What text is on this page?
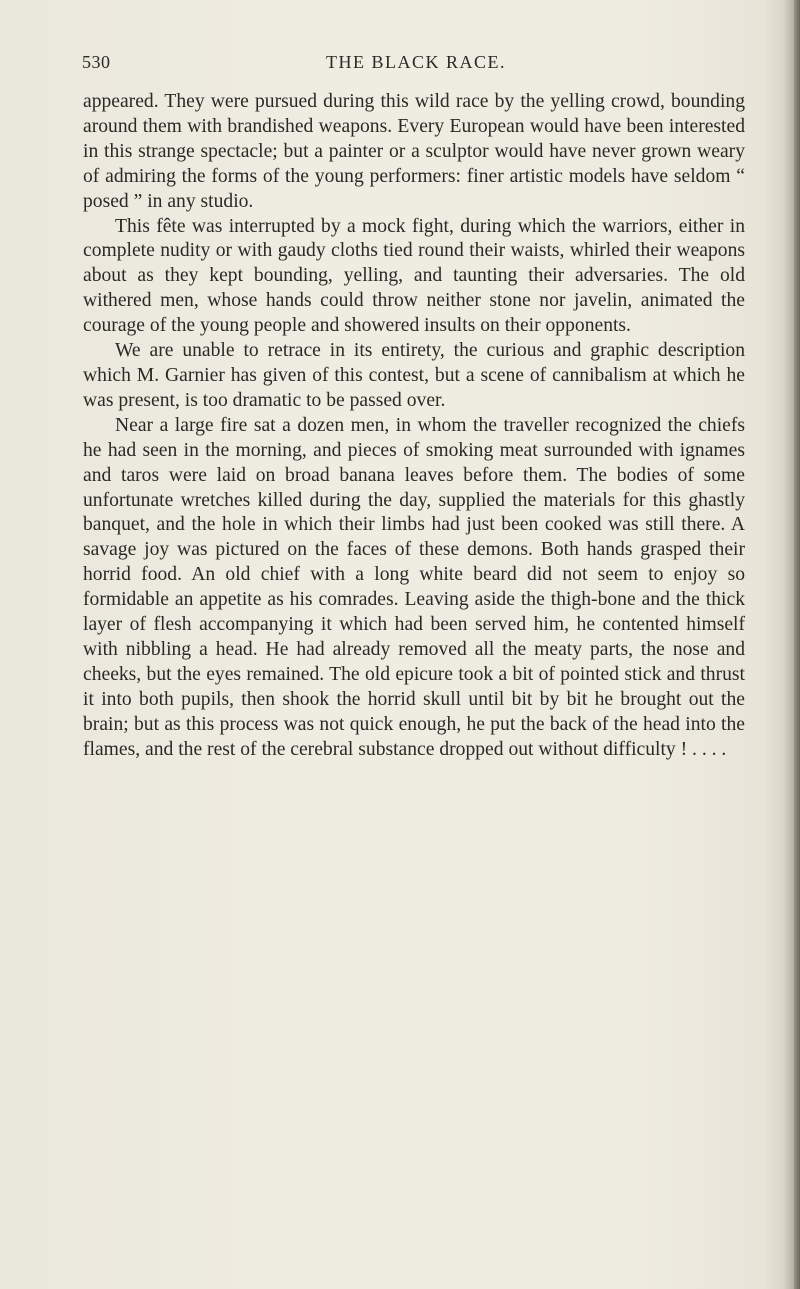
530	THE BLACK RACE.

appeared. They were pursued during this wild race by the yelling crowd, bounding around them with brandished weapons. Every European would have been interested in this strange spectacle; but a painter or a sculptor would have never grown weary of admiring the forms of the young performers: finer artistic models have seldom “ posed ” in any studio.

This fête was interrupted by a mock fight, during which the warriors, either in complete nudity or with gaudy cloths tied round their waists, whirled their weapons about as they kept bounding, yelling, and taunting their adversaries. The old withered men, whose hands could throw neither stone nor javelin, animated the courage of the young people and showered insults on their opponents.

We are unable to retrace in its entirety, the curious and graphic description which M. Garnier has given of this contest, but a scene of cannibalism at which he was present, is too dramatic to be passed over.

Near a large fire sat a dozen men, in whom the traveller recognized the chiefs he had seen in the morning, and pieces of smoking meat surrounded with ignames and taros were laid on broad banana leaves before them. The bodies of some unfortunate wretches killed during the day, supplied the materials for this ghastly banquet, and the hole in which their limbs had just been cooked was still there. A savage joy was pictured on the faces of these demons. Both hands grasped their horrid food. An old chief with a long white beard did not seem to enjoy so formidable an appetite as his comrades. Leaving aside the thigh-bone and the thick layer of flesh accompanying it which had been served him, he contented himself with nibbling a head. He had already removed all the meaty parts, the nose and cheeks, but the eyes remained. The old epicure took a bit of pointed stick and thrust it into both pupils, then shook the horrid skull until bit by bit he brought out the brain; but as this process was not quick enough, he put the back of the head into the flames, and the rest of the cerebral substance dropped out without difficulty ! . . . .
